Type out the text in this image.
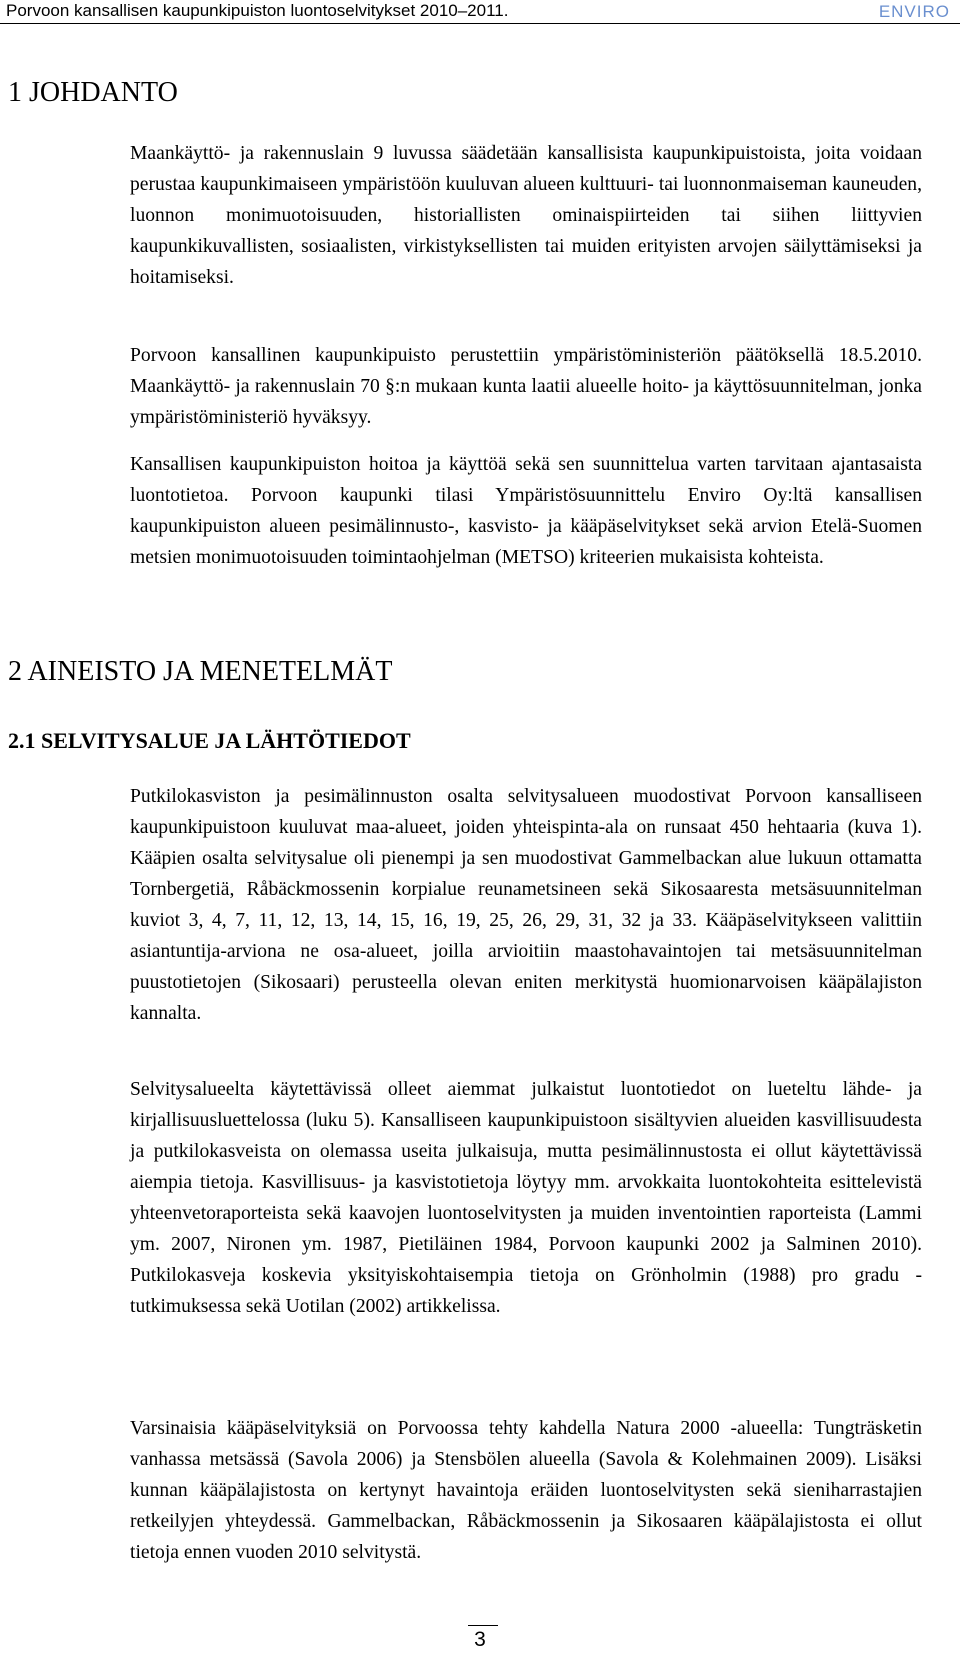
Porvoon kansallisen kaupunkipuiston luontoselvitykset 2010–2011.	ENVIRO
1 JOHDANTO

Maankäyttö- ja rakennuslain 9 luvussa säädetään kansallisista kaupunkipuistoista, joita voidaan perustaa kaupunkimaiseen ympäristöön kuuluvan alueen kulttuuri- tai luonnonmaiseman kauneuden, luonnon monimuotoisuuden, historiallisten ominaispiirteiden tai siihen liittyvien kaupunkikuvallisten, sosiaalisten, virkistyksellisten tai muiden erityisten arvojen säilyttämiseksi ja hoitamiseksi.

Porvoon kansallinen kaupunkipuisto perustettiin ympäristöministeriön päätöksellä 18.5.2010. Maankäyttö- ja rakennuslain 70 §:n mukaan kunta laatii alueelle hoito- ja käyttösuunnitelman, jonka ympäristöministeriö hyväksyy.

Kansallisen kaupunkipuiston hoitoa ja käyttöä sekä sen suunnittelua varten tarvitaan ajantasaista luontotietoa. Porvoon kaupunki tilasi Ympäristösuunnittelu Enviro Oy:ltä kansallisen kaupunkipuiston alueen pesimälinnusto-, kasvisto- ja kääpäselvitykset sekä arvion Etelä-Suomen metsien monimuotoisuuden toimintaohjelman (METSO) kriteerien mukaisista kohteista.

2 AINEISTO JA MENETELMÄT
2.1 SELVITYSALUE JA LÄHTÖTIEDOT

Putkilokasviston ja pesimälinnuston osalta selvitysalueen muodostivat Porvoon kansalliseen kaupunkipuistoon kuuluvat maa-alueet, joiden yhteispinta-ala on runsaat 450 hehtaaria (kuva 1). Kääpien osalta selvitysalue oli pienempi ja sen muodostivat Gammelbackan alue lukuun ottamatta Tornbergetiä, Råbäckmossenin korpialue reunametsineen sekä Sikosaaresta metsäsuunnitelman kuviot 3, 4, 7, 11, 12, 13, 14, 15, 16, 19, 25, 26, 29, 31, 32 ja 33. Kääpäselvitykseen valittiin asiantuntija-arviona ne osa-alueet, joilla arvioitiin maastohavaintojen tai metsäsuunnitelman puustotietojen (Sikosaari) perusteella olevan eniten merkitystä huomionarvoisen kääpälajiston kannalta.

Selvitysalueelta käytettävissä olleet aiemmat julkaistut luontotiedot on lueteltu lähde- ja kirjallisuusluettelossa (luku 5). Kansalliseen kaupunkipuistoon sisältyvien alueiden kasvillisuudesta ja putkilokasveista on olemassa useita julkaisuja, mutta pesimälinnustosta ei ollut käytettävissä aiempia tietoja. Kasvillisuus- ja kasvistotietoja löytyy mm. arvokkaita luontokohteita esittelevistä yhteenvetoraporteista sekä kaavojen luontoselvitysten ja muiden inventointien raporteista (Lammi ym. 2007, Nironen ym. 1987, Pietiläinen 1984, Porvoon kaupunki 2002 ja Salminen 2010). Putkilokasveja koskevia yksityiskohtaisempia tietoja on Grönholmin (1988) pro gradu -tutkimuksessa sekä Uotilan (2002) artikkelissa.

Varsinaisia kääpäselvityksiä on Porvoossa tehty kahdella Natura 2000 -alueella: Tungträsketin vanhassa metsässä (Savola 2006) ja Stensbölen alueella (Savola & Kolehmainen 2009). Lisäksi kunnan kääpälajistosta on kertynyt havaintoja eräiden luontoselvitysten sekä sieniharrastajien retkeilyjen yhteydessä. Gammelbackan, Råbäckmossenin ja Sikosaaren kääpälajistosta ei ollut tietoja ennen vuoden 2010 selvitystä.

3
